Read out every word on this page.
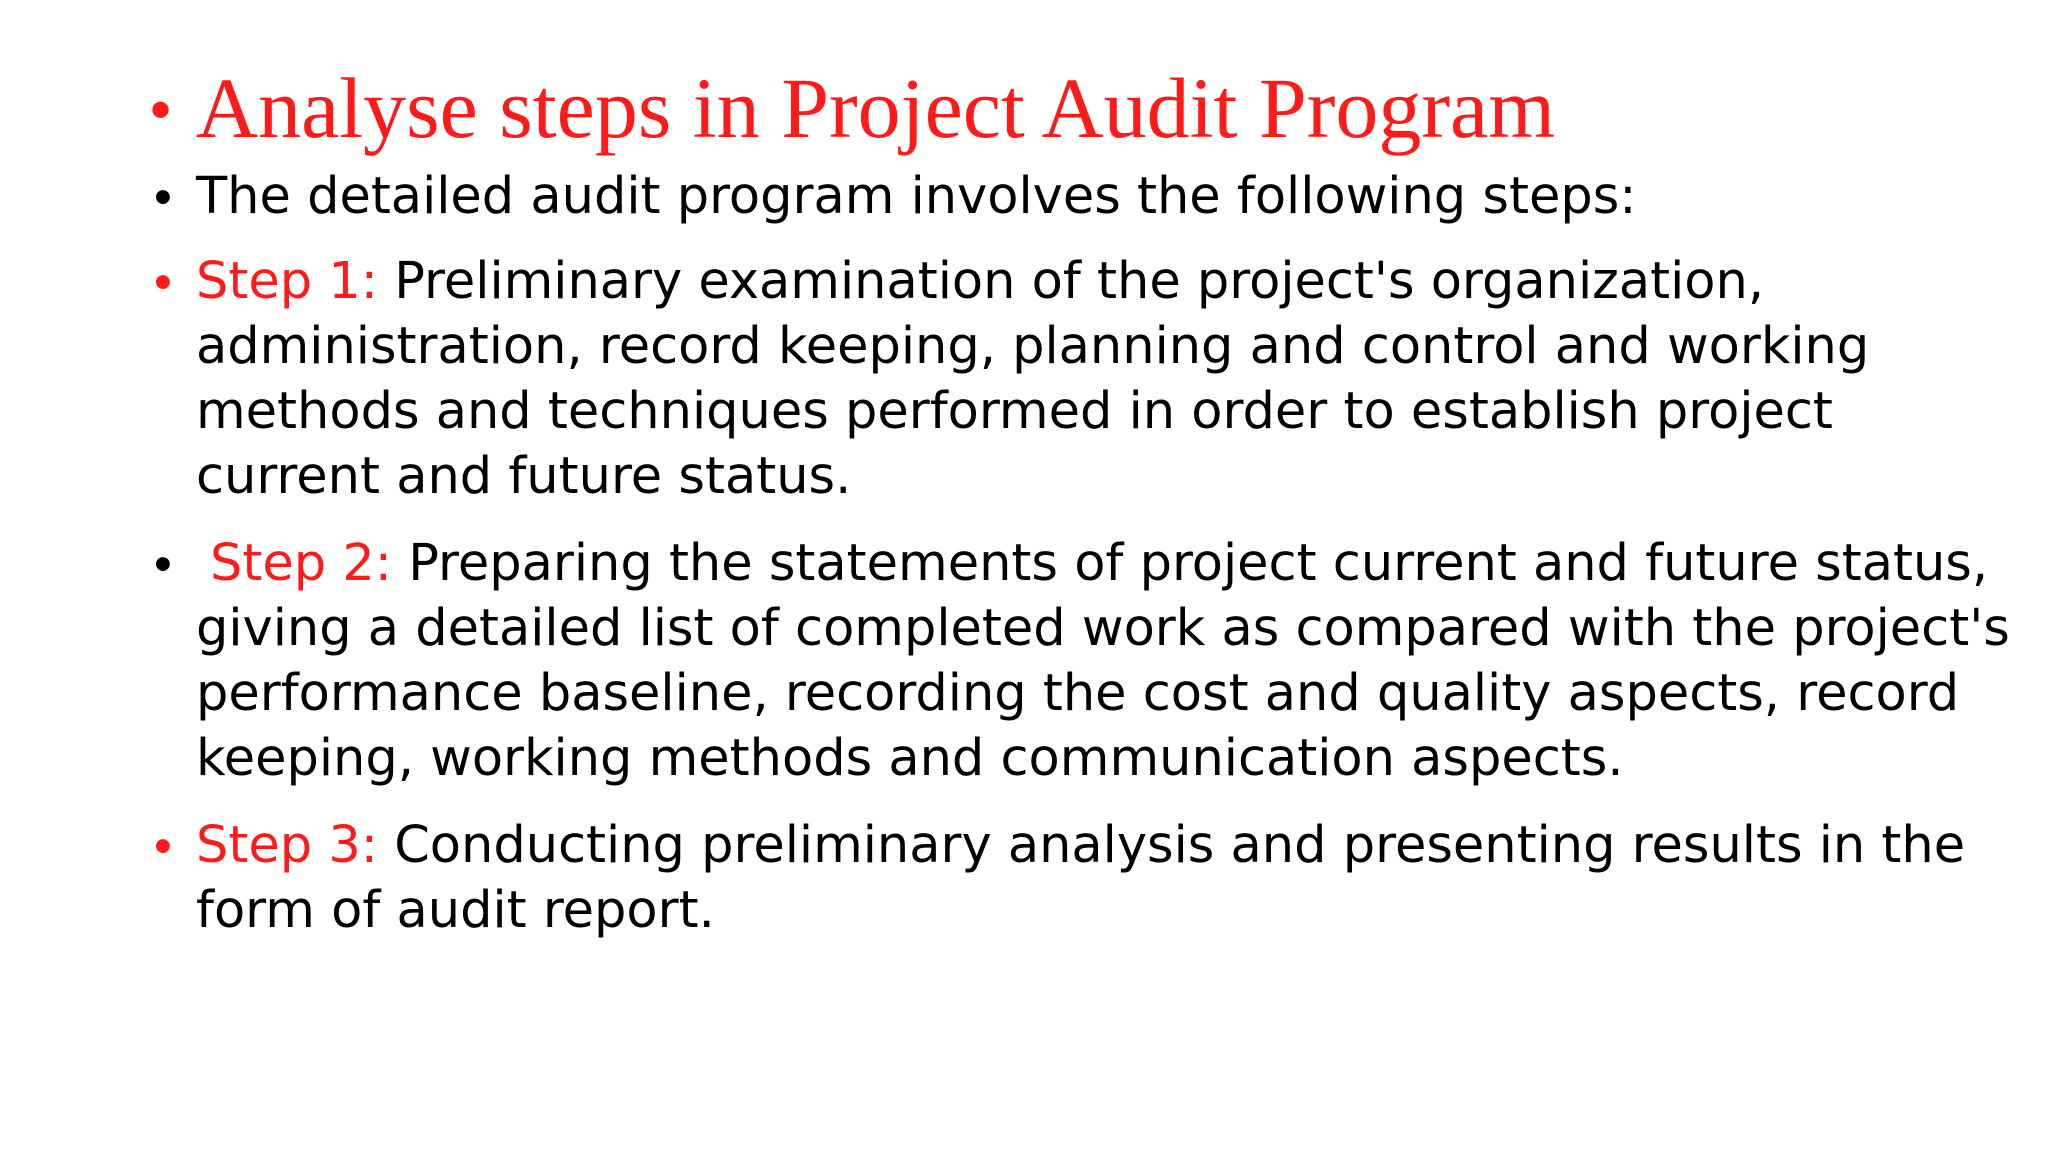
• Analyse steps in Project Audit Program
• The detailed audit program involves the following steps:
• Step 1: Preliminary examination of the project's organization, administration, record keeping, planning and control and working methods and techniques performed in order to establish project current and future status.
• Step 2: Preparing the statements of project current and future status, giving a detailed list of completed work as compared with the project's performance baseline, recording the cost and quality aspects, record keeping, working methods and communication aspects.
• Step 3: Conducting preliminary analysis and presenting results in the form of audit report.
